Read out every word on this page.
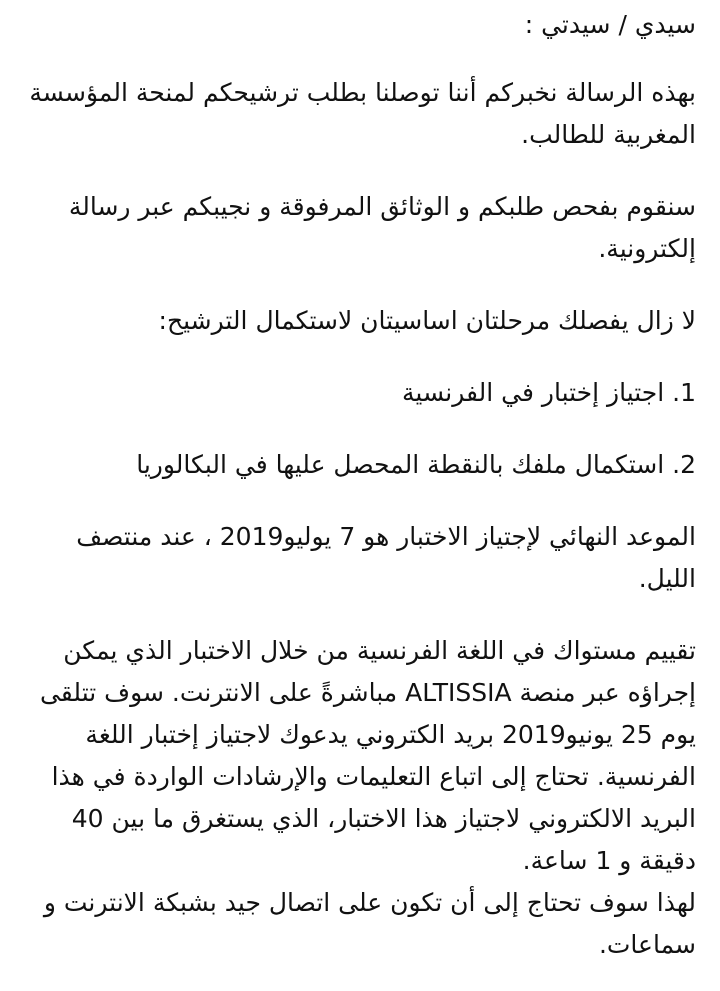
سيدي / سيدتي :

بهذه الرسالة نخبركم أننا توصلنا بطلب ترشيحكم لمنحة المؤسسة

المغربية للطالب.

سنقوم بفحص طلبكم و الوثائق المرفوقة و نجيبكم عبر رسالة

إلكترونية.

لا زال يفصلك مرحلتان اساسيتان لاستكمال الترشيح:

1. اجتياز إختبار في الفرنسية

2. استكمال ملفك بالنقطة المحصل عليها في البكالوريا

الموعد النهائي لإجتياز الاختبار هو 7 يوليو2019 ، عند منتصف

الليل.

تقييم مستواك في اللغة الفرنسية من خلال الاختبار الذي يمكن

إجراؤه عبر منصة ALTISSIA مباشرةً على الانترنت. سوف تتلقى

يوم 25 يونيو2019 بريد الكتروني يدعوك لاجتياز إختبار اللغة

الفرنسية. تحتاج إلى اتباع التعليمات والإرشادات الواردة في هذا

البريد الالكتروني لاجتياز هذا الاختبار، الذي يستغرق ما بين 40

دقيقة و 1 ساعة.

لهذا سوف تحتاج إلى أن تكون على اتصال جيد بشبكة الانترنت و

سماعات.
